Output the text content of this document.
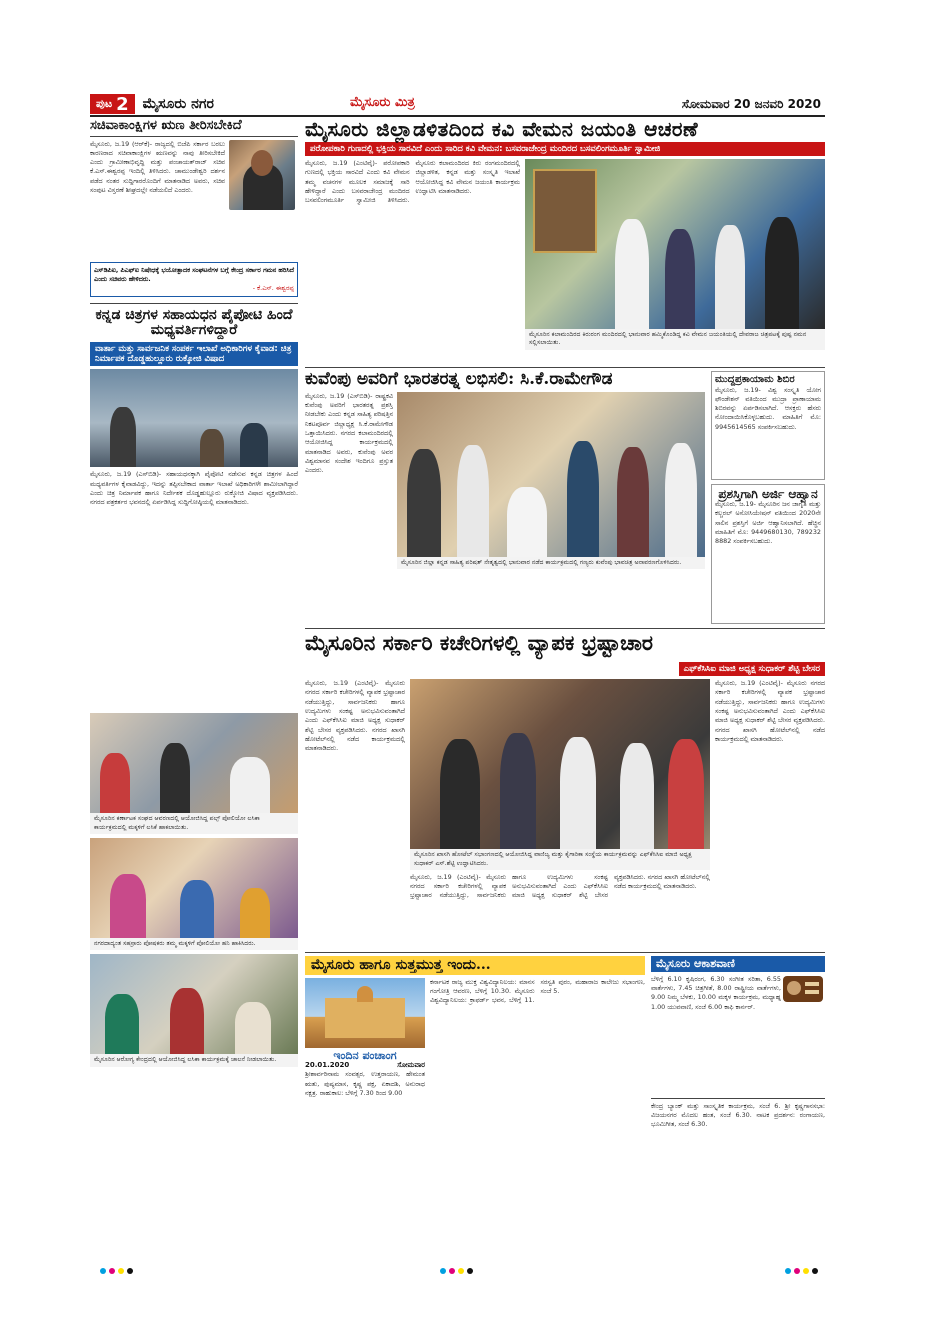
ಪುಟ 2 ಮೈಸೂರು ನಗರ	ಮೈಸೂರು ಮಿತ್ರ	ಸೋಮವಾರ 20 ಜನವರಿ 2020
ಸಚಿವಾಕಾಂಕ್ಷಿಗಳ ಋಣ ತೀರಿಸಬೇಕಿದೆ
ಮೈಸೂರು, ಜ.19 (ಆರ್‌ಕೆ)- ರಾಜ್ಯದಲ್ಲಿ ಬಿಜೆಪಿ ಸರ್ಕಾರ ಬರಲು ಕಾರಣರಾದ ಸಚಿವಾಕಾಂಕ್ಷಿಗಳ ಋಣವನ್ನು ನಾವು ತೀರಿಸಬೇಕಿದೆ ಎಂದು ಗ್ರಾಮೀಣಾಭಿವೃದ್ಧಿ ಮತ್ತು ಪಂಚಾಯತ್‌ರಾಜ್ ಸಚಿವ ಕೆ.ಎಸ್.ಈಶ್ವರಪ್ಪ ಇಂದಿಲ್ಲಿ ತಿಳಿಸಿದರು. ಚಾಮುಂಡೇಶ್ವರಿ ದರ್ಶನ ಪಡೆದ ನಂತರ ಸುದ್ದಿಗಾರರೊಂದಿಗೆ ಮಾತನಾಡಿದ ಅವರು, ಸಚಿವ ಸಂಪುಟ ವಿಸ್ತರಣೆ ಶೀಘ್ರದಲ್ಲೇ ನಡೆಯಲಿದೆ ಎಂದರು.
ಎಸ್‌ಡಿಪಿಐ, ಪಿಎಫ್‌ಐ ನಿಷೇಧಕ್ಕೆ ಭಯೋತ್ಪಾದಕ ಸಂಘಟನೆಗಳ ಬಗ್ಗೆ ಕೇಂದ್ರ ಸರ್ಕಾರ ಗಮನ ಹರಿಸಿದೆ ಎಂದು ಸಚಿವರು ಹೇಳಿದರು.
- ಕೆ.ಎಸ್. ಈಶ್ವರಪ್ಪ
ಕನ್ನಡ ಚಿತ್ರಗಳ ಸಹಾಯಧನ ಪೈಪೋಟಿ ಹಿಂದೆ ಮಧ್ಯವರ್ತಿಗಳಿದ್ದಾರೆ
ವಾರ್ತಾ ಮತ್ತು ಸಾರ್ವಜನಿಕ ಸಂಪರ್ಕ ಇಲಾಖೆ ಅಧಿಕಾರಿಗಳ ಕೈವಾಡ: ಚಿತ್ರ ನಿರ್ಮಾಪಕ ದೊಡ್ಡಹುಲ್ಲೂರು ರುಕ್ಕೋಜಿ ವಿಷಾದ
ಮೈಸೂರು, ಜ.19 (ಎಸ್‌ಬಿಡಿ)- ಸಹಾಯಧನಕ್ಕಾಗಿ ಪೈಪೋಟಿ ನಡೆಸುವ ಕನ್ನಡ ಚಿತ್ರಗಳ ಹಿಂದೆ ಮಧ್ಯವರ್ತಿಗಳ ಕೈವಾಡವಿದ್ದು, ಇದನ್ನು ತಪ್ಪಿಸಬೇಕಾದ ವಾರ್ತಾ ಇಲಾಖೆ ಅಧಿಕಾರಿಗಳೇ ಶಾಮೀಲಾಗಿದ್ದಾರೆ ಎಂದು ಚಿತ್ರ ನಿರ್ಮಾಪಕ ಹಾಗೂ ನಿರ್ದೇಶಕ ದೊಡ್ಡಹುಲ್ಲೂರು ರುಕ್ಕೋಜಿ ವಿಷಾದ ವ್ಯಕ್ತಪಡಿಸಿದರು. ನಗರದ ಪತ್ರಕರ್ತರ ಭವನದಲ್ಲಿ ಏರ್ಪಡಿಸಿದ್ದ ಸುದ್ದಿಗೋಷ್ಠಿಯಲ್ಲಿ ಮಾತನಾಡಿದರು.
ಮೈಸೂರಿನ ಕರ್ಣಾಟಕ ಸಂಘದ ಆವರಣದಲ್ಲಿ ಆಯೋಜಿಸಿದ್ದ ಪಲ್ಸ್ ಪೋಲಿಯೋ ಲಸಿಕಾ ಕಾರ್ಯಕ್ರಮದಲ್ಲಿ ಮಕ್ಕಳಿಗೆ ಲಸಿಕೆ ಹಾಕಲಾಯಿತು.
ನಗರದಾದ್ಯಂತ ಸಹಸ್ರಾರು ಪೋಷಕರು ತಮ್ಮ ಮಕ್ಕಳಿಗೆ ಪೋಲಿಯೋ ಹನಿ ಹಾಕಿಸಿದರು.
ಮೈಸೂರಿನ ಆರೋಗ್ಯ ಕೇಂದ್ರದಲ್ಲಿ ಆಯೋಜಿಸಿದ್ದ ಲಸಿಕಾ ಕಾರ್ಯಕ್ರಮಕ್ಕೆ ಚಾಲನೆ ನೀಡಲಾಯಿತು.
ಮೈಸೂರು ಜಿಲ್ಲಾಡಳಿತದಿಂದ ಕವಿ ವೇಮನ ಜಯಂತಿ ಆಚರಣೆ
ಪರೋಪಕಾರಿ ಗುಣದಲ್ಲಿ ಭಕ್ತಿಯ ಸಾರವಿದೆ ಎಂದು ಸಾರಿದ ಕವಿ ವೇಮನ: ಬಸವರಾಜೇಂದ್ರ ಮಂದಿರದ ಬಸವಲಿಂಗಮೂರ್ತಿ ಸ್ವಾಮೀಜಿ
ಮೈಸೂರು, ಜ.19 (ಎಂಟಿವೈ)- ಪರೋಪಕಾರಿ ಗುಣದಲ್ಲಿ ಭಕ್ತಿಯ ಸಾರವಿದೆ ಎಂದು ಕವಿ ವೇಮನ ತಮ್ಮ ವಚನಗಳ ಮೂಲಕ ಸಮಾಜಕ್ಕೆ ಸಾರಿ ಹೇಳಿದ್ದಾರೆ ಎಂದು ಬಸವರಾಜೇಂದ್ರ ಮಂದಿರದ ಬಸವಲಿಂಗಮೂರ್ತಿ ಸ್ವಾಮೀಜಿ ತಿಳಿಸಿದರು. ಮೈಸೂರು ಕಲಾಮಂದಿರದ ಕಿರು ರಂಗಮಂದಿರದಲ್ಲಿ ಜಿಲ್ಲಾಡಳಿತ, ಕನ್ನಡ ಮತ್ತು ಸಂಸ್ಕೃತಿ ಇಲಾಖೆ ಆಯೋಜಿಸಿದ್ದ ಕವಿ ವೇಮನ ಜಯಂತಿ ಕಾರ್ಯಕ್ರಮ ಉದ್ಘಾಟಿಸಿ ಮಾತನಾಡಿದರು.
ಮೈಸೂರಿನ ಕಲಾಮಂದಿರದ ಕಿರುರಂಗ ಮಂದಿರದಲ್ಲಿ ಭಾನುವಾರ ಹಮ್ಮಿಕೊಂಡಿದ್ದ ಕವಿ ವೇಮನ ಜಯಂತಿಯಲ್ಲಿ ದೇವರಾಜ ಚಿತ್ರಪಟಕ್ಕೆ ಪುಷ್ಪ ನಮನ ಸಲ್ಲಿಸಲಾಯಿತು.
ಕುವೆಂಪು ಅವರಿಗೆ ಭಾರತರತ್ನ ಲಭಿಸಲಿ: ಸಿ.ಕೆ.ರಾಮೇಗೌಡ
ಮೈಸೂರು, ಜ.19 (ಎಸ್‌ಬಿಡಿ)- ರಾಷ್ಟ್ರಕವಿ ಕುವೆಂಪು ಅವರಿಗೆ ಭಾರತರತ್ನ ಪ್ರಶಸ್ತಿ ನೀಡಬೇಕು ಎಂದು ಕನ್ನಡ ಸಾಹಿತ್ಯ ಪರಿಷತ್ತಿನ ನಿಕಟಪೂರ್ವ ಜಿಲ್ಲಾಧ್ಯಕ್ಷ ಸಿ.ಕೆ.ರಾಮೇಗೌಡ ಒತ್ತಾಯಿಸಿದರು. ನಗರದ ಕಲಾಮಂದಿರದಲ್ಲಿ ಆಯೋಜಿಸಿದ್ದ ಕಾರ್ಯಕ್ರಮದಲ್ಲಿ ಮಾತನಾಡಿದ ಅವರು, ಕುವೆಂಪು ಅವರ ವಿಶ್ವಮಾನವ ಸಂದೇಶ ಇಂದಿಗೂ ಪ್ರಸ್ತುತ ಎಂದರು.
ಮೈಸೂರಿನ ಜಿಲ್ಲಾ ಕನ್ನಡ ಸಾಹಿತ್ಯ ಪರಿಷತ್ ನೇತೃತ್ವದಲ್ಲಿ ಭಾನುವಾರ ನಡೆದ ಕಾರ್ಯಕ್ರಮದಲ್ಲಿ ಗಣ್ಯರು ಕುವೆಂಪು ಭಾವಚಿತ್ರ ಅನಾವರಣಗೊಳಿಸಿದರು.
ಮುದ್ದಪ್ರಕಾಯಾಮ ಶಿಬಿರ
ಮೈಸೂರು, ಜ.19- ವಿಶ್ವ ಸಂಸ್ಕೃತಿ ಯೋಗ ಫೌಂಡೇಶನ್ ವತಿಯಿಂದ ಮುದ್ರಾ ಪ್ರಾಣಾಯಾಮ ಶಿಬಿರವನ್ನು ಏರ್ಪಡಿಸಲಾಗಿದೆ. ಆಸಕ್ತರು ಹೆಸರು ನೋಂದಾಯಿಸಿಕೊಳ್ಳಬಹುದು. ಮಾಹಿತಿಗೆ ಮೊ: 9945614565 ಸಂಪರ್ಕಿಸಬಹುದು.
ಪ್ರಶಸ್ತಿಗಾಗಿ ಅರ್ಜಿ ಆಹ್ವಾನ
ಮೈಸೂರು, ಜ.19- ಮೈಸೂರಿನ ಜನ ಜಾಗೃತಿ ಮತ್ತು ಕಲ್ಚರಲ್ ಅಸೋಸಿಯೇಷನ್ ವತಿಯಿಂದ 2020ನೇ ಸಾಲಿನ ಪ್ರಶಸ್ತಿಗೆ ಅರ್ಜಿ ಆಹ್ವಾನಿಸಲಾಗಿದೆ. ಹೆಚ್ಚಿನ ಮಾಹಿತಿಗೆ ಮೊ: 9449680130, 789232 8882 ಸಂಪರ್ಕಿಸಬಹುದು.
ಮೈಸೂರಿನ ಸರ್ಕಾರಿ ಕಚೇರಿಗಳಲ್ಲಿ ವ್ಯಾಪಕ ಭ್ರಷ್ಟಾಚಾರ
ಎಫ್‌ಕೆಸಿಸಿಐ ಮಾಜಿ ಅಧ್ಯಕ್ಷ ಸುಧಾಕರ್ ಶೆಟ್ಟಿ ಬೇಸರ
ಮೈಸೂರು, ಜ.19 (ಎಂಟಿವೈ)- ಮೈಸೂರು ನಗರದ ಸರ್ಕಾರಿ ಕಚೇರಿಗಳಲ್ಲಿ ವ್ಯಾಪಕ ಭ್ರಷ್ಟಾಚಾರ ನಡೆಯುತ್ತಿದ್ದು, ಸಾರ್ವಜನಿಕರು ಹಾಗೂ ಉದ್ಯಮಿಗಳು ಸಂಕಷ್ಟ ಅನುಭವಿಸುವಂತಾಗಿದೆ ಎಂದು ಎಫ್‌ಕೆಸಿಸಿಐ ಮಾಜಿ ಅಧ್ಯಕ್ಷ ಸುಧಾಕರ್ ಶೆಟ್ಟಿ ಬೇಸರ ವ್ಯಕ್ತಪಡಿಸಿದರು. ನಗರದ ಖಾಸಗಿ ಹೋಟೆಲ್‌ನಲ್ಲಿ ನಡೆದ ಕಾರ್ಯಕ್ರಮದಲ್ಲಿ ಮಾತನಾಡಿದರು.
ಮೈಸೂರಿನ ಖಾಸಗಿ ಹೋಟೆಲ್ ಸಭಾಂಗಣದಲ್ಲಿ ಆಯೋಜಿಸಿದ್ದ ವಾಣಿಜ್ಯ ಮತ್ತು ಕೈಗಾರಿಕಾ ಸಂಸ್ಥೆಯ ಕಾರ್ಯಕ್ರಮವನ್ನು ಎಫ್‌ಕೆಸಿಸಿಐ ಮಾಜಿ ಅಧ್ಯಕ್ಷ ಸುಧಾಕರ್ ಎಸ್.ಶೆಟ್ಟಿ ಉದ್ಘಾಟಿಸಿದರು.
ಮೈಸೂರು, ಜ.19 (ಎಂಟಿವೈ)- ಮೈಸೂರು ನಗರದ ಸರ್ಕಾರಿ ಕಚೇರಿಗಳಲ್ಲಿ ವ್ಯಾಪಕ ಭ್ರಷ್ಟಾಚಾರ ನಡೆಯುತ್ತಿದ್ದು, ಸಾರ್ವಜನಿಕರು ಹಾಗೂ ಉದ್ಯಮಿಗಳು ಸಂಕಷ್ಟ ಅನುಭವಿಸುವಂತಾಗಿದೆ ಎಂದು ಎಫ್‌ಕೆಸಿಸಿಐ ಮಾಜಿ ಅಧ್ಯಕ್ಷ ಸುಧಾಕರ್ ಶೆಟ್ಟಿ ಬೇಸರ ವ್ಯಕ್ತಪಡಿಸಿದರು. ನಗರದ ಖಾಸಗಿ ಹೋಟೆಲ್‌ನಲ್ಲಿ ನಡೆದ ಕಾರ್ಯಕ್ರಮದಲ್ಲಿ ಮಾತನಾಡಿದರು.
ಮೈಸೂರು, ಜ.19 (ಎಂಟಿವೈ)- ಮೈಸೂರು ನಗರದ ಸರ್ಕಾರಿ ಕಚೇರಿಗಳಲ್ಲಿ ವ್ಯಾಪಕ ಭ್ರಷ್ಟಾಚಾರ ನಡೆಯುತ್ತಿದ್ದು, ಸಾರ್ವಜನಿಕರು ಹಾಗೂ ಉದ್ಯಮಿಗಳು ಸಂಕಷ್ಟ ಅನುಭವಿಸುವಂತಾಗಿದೆ ಎಂದು ಎಫ್‌ಕೆಸಿಸಿಐ ಮಾಜಿ ಅಧ್ಯಕ್ಷ ಸುಧಾಕರ್ ಶೆಟ್ಟಿ ಬೇಸರ ವ್ಯಕ್ತಪಡಿಸಿದರು. ನಗರದ ಖಾಸಗಿ ಹೋಟೆಲ್‌ನಲ್ಲಿ ನಡೆದ ಕಾರ್ಯಕ್ರಮದಲ್ಲಿ ಮಾತನಾಡಿದರು.
ಮೈಸೂರು ಹಾಗೂ ಸುತ್ತಮುತ್ತ ಇಂದು...
ಇಂದಿನ ಪಂಚಾಂಗ
20.01.2020	ಸೋಮವಾರ
ಶ್ರೀಶಾರ್ವರಿನಾಮ ಸಂವತ್ಸರ, ಉತ್ತರಾಯಣ, ಹೇಮಂತ ಋತು, ಪುಷ್ಯಮಾಸ, ಕೃಷ್ಣ ಪಕ್ಷ, ಏಕಾದಶಿ, ಅನುರಾಧ ನಕ್ಷತ್ರ. ರಾಹುಕಾಲ: ಬೆಳಿಗ್ಗೆ 7.30 ರಿಂದ 9.00
ಕರ್ನಾಟಕ ರಾಜ್ಯ ಮುಕ್ತ ವಿಶ್ವವಿದ್ಯಾನಿಲಯ: ಮಾನಸ ಗಂಗೋತ್ರಿ ಆವರಣ, ಬೆಳಿಗ್ಗೆ 10.30. ಮೈಸೂರು ವಿಶ್ವವಿದ್ಯಾನಿಲಯ: ಕ್ರಾಫರ್ಡ್ ಭವನ, ಬೆಳಿಗ್ಗೆ 11. ಸರಸ್ವತಿ ಪುರಂ, ಮಹಾರಾಜ ಕಾಲೇಜು ಸಭಾಂಗಣ, ಸಂಜೆ 5.
ಮೈಸೂರು ಆಕಾಶವಾಣಿ
ಬೆಳಿಗ್ಗೆ 6.10 ಕೃಷಿರಂಗ, 6.30 ಸಂಗೀತ ಸರಿತಾ, 6.55 ವಾರ್ತೆಗಳು, 7.45 ಚಿತ್ರಗೀತೆ, 8.00 ರಾಷ್ಟ್ರೀಯ ವಾರ್ತೆಗಳು, 9.00 ನಿಮ್ಮ ಬೆಳಕು, 10.00 ಮಕ್ಕಳ ಕಾರ್ಯಕ್ರಮ, ಮಧ್ಯಾಹ್ನ 1.00 ಯುವವಾಣಿ, ಸಂಜೆ 6.00 ಕಾಫಿ ಕಾರ್ನರ್.
ಕೇಂದ್ರ ಬ್ಯಾಂಕ್ ಮತ್ತು ಸಾಂಸ್ಕೃತಿಕ ಕಾರ್ಯಕ್ರಮ, ಸಂಜೆ 6. ಶ್ರೀ ಕೃಷ್ಣಗಾನಸಭಾ: ವಿಜಯನಗರ ಮೊದಲ ಹಂತ, ಸಂಜೆ 6.30. ನಾಟಕ ಪ್ರದರ್ಶನ: ರಂಗಾಯಣ, ಭೂಮಿಗೀತ, ಸಂಜೆ 6.30.
